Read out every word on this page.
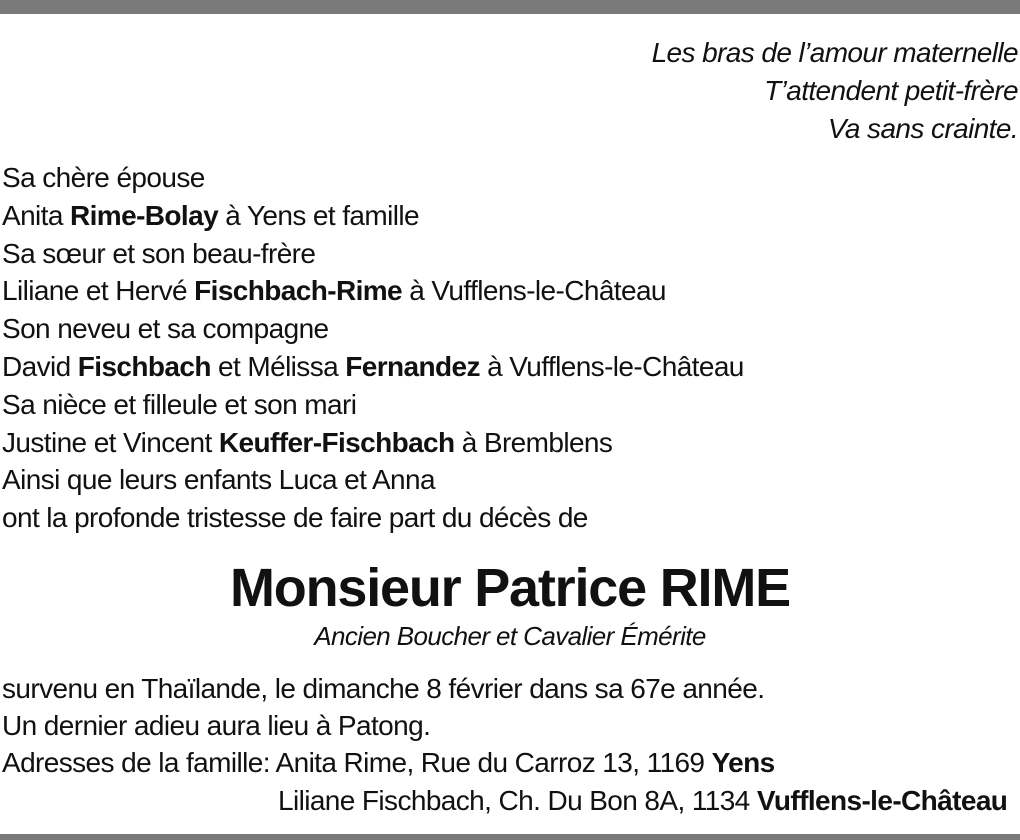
Les bras de l’amour maternelle
T’attendent petit-frère
Va sans crainte.
Sa chère épouse
Anita Rime-Bolay à Yens et famille
Sa sœur et son beau-frère
Liliane et Hervé Fischbach-Rime à Vufflens-le-Château
Son neveu et sa compagne
David Fischbach et Mélissa Fernandez à Vufflens-le-Château
Sa nièce et filleule et son mari
Justine et Vincent Keuffer-Fischbach à Bremblens
Ainsi que leurs enfants Luca et Anna
ont la profonde tristesse de faire part du décès de
Monsieur Patrice RIME
Ancien Boucher et Cavalier Émérite
survenu en Thaïlande, le dimanche 8 février dans sa 67e année.
Un dernier adieu aura lieu à Patong.
Adresses de la famille: Anita Rime, Rue du Carroz 13, 1169 Yens
Liliane Fischbach, Ch. Du Bon 8A, 1134 Vufflens-le-Château
